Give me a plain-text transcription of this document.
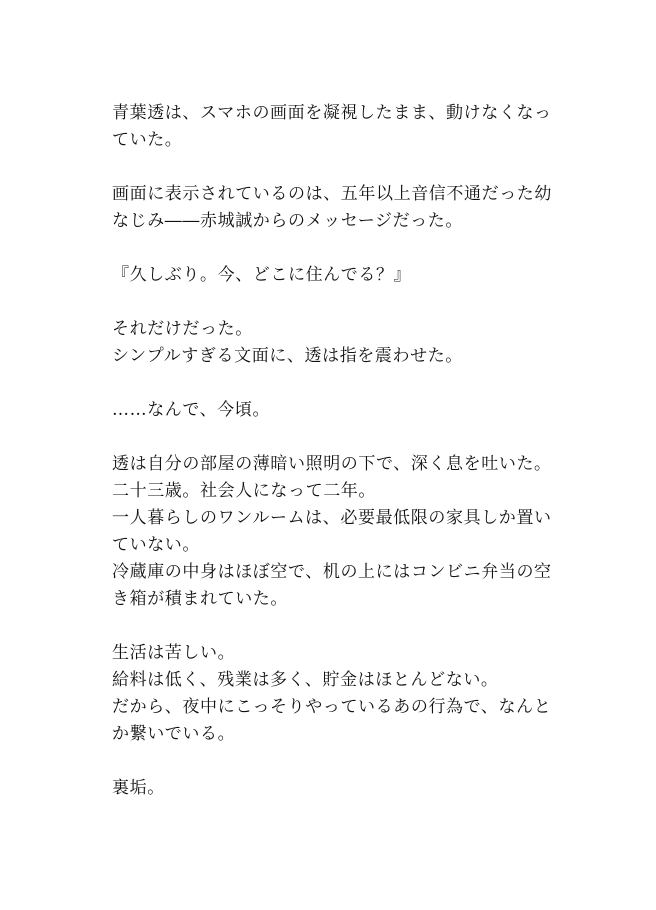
青葉透は、スマホの画面を凝視したまま、動けなくなっ
ていた。
画面に表示されているのは、五年以上音信不通だった幼
なじみ――赤城誠からのメッセージだった。
『久しぶり。今、どこに住んでる？』
それだけだった。
シンプルすぎる文面に、透は指を震わせた。
……なんで、今頃。
透は自分の部屋の薄暗い照明の下で、深く息を吐いた。
二十三歳。社会人になって二年。
一人暮らしのワンルームは、必要最低限の家具しか置い
ていない。
冷蔵庫の中身はほぼ空で、机の上にはコンビニ弁当の空
き箱が積まれていた。
生活は苦しい。
給料は低く、残業は多く、貯金はほとんどない。
だから、夜中にこっそりやっているあの行為で、なんと
か繋いでいる。
裏垢。
